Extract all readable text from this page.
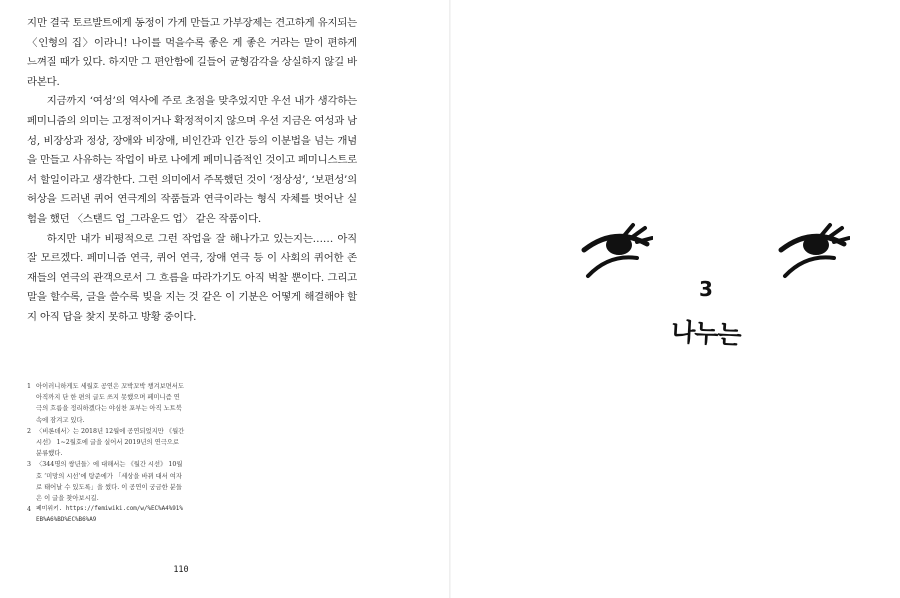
지만 결국 토르발트에게 동정이 가게 만들고 가부장제는 견고하게 유지되는 〈인형의 집〉이라니! 나이를 먹을수록 좋은 게 좋은 거라는 말이 편하게 느껴질 때가 있다. 하지만 그 편안함에 길들어 균형감각을 상실하지 않길 바라본다.

지금까지 ‘여성’의 역사에 주로 초점을 맞추었지만 우선 내가 생각하는 페미니즘의 의미는 고정적이거나 확정적이지 않으며 우선 지금은 여성과 남성, 비장상과 정상, 장애와 비장애, 비인간과 인간 등의 이분법을 넘는 개념을 만들고 사유하는 작업이 바로 나에게 페미니즘적인 것이고 페미니스트로서 할일이라고 생각한다. 그런 의미에서 주목했던 것이 ‘정상성’, ‘보편성’의 허상을 드러낸 퀴어 연극계의 작품들과 연극이라는 형식 자체를 벗어난 실험을 했던 〈스탠드 업_그라운드 업〉 같은 작품이다.

하지만 내가 비평적으로 그런 작업을 잘 해나가고 있는지는…… 아직 잘 모르겠다. 페미니즘 연극, 퀴어 연극, 장애 연극 등 이 사회의 퀴어한 존재들의 연극의 관객으로서 그 흐름을 따라가기도 아직 벅찰 뿐이다. 그리고 말을 할수록, 글을 쓸수록 빚을 지는 것 같은 이 기분은 어떻게 해결해야 할지 아직 답을 찾지 못하고 방황 중이다.

1 아이러니하게도 세월호 공연은 꼬박꼬박 챙겨보면서도 아직까지 단 한 편의 글도 쓰지 못했으며 페미니즘 연극의 흐름을 정리하겠다는 야심찬 포부는 아직 노트북 속에 잠겨고 있다.
2 〈비론데서〉는 2018년 12월에 공연되었지만 《월간 시선》 1~2월호에 글을 실어서 2019년의 연극으로 분류했다.
3 〈344명의 쌍년들〉에 대해서는 《월간 시선》 10월호 ‘미망의 시선’에 탕준에가 「세상을 바뀌 대서 여자로 태어날 수 있도록」을 썼다. 이 공연이 궁금한 분들은 이 글을 찾아보시길.
4 페미위키. https://femiwiki.com/w/%EC%A4%91%EB%A6%BD%EC%B6%A9
110
3
나누는
